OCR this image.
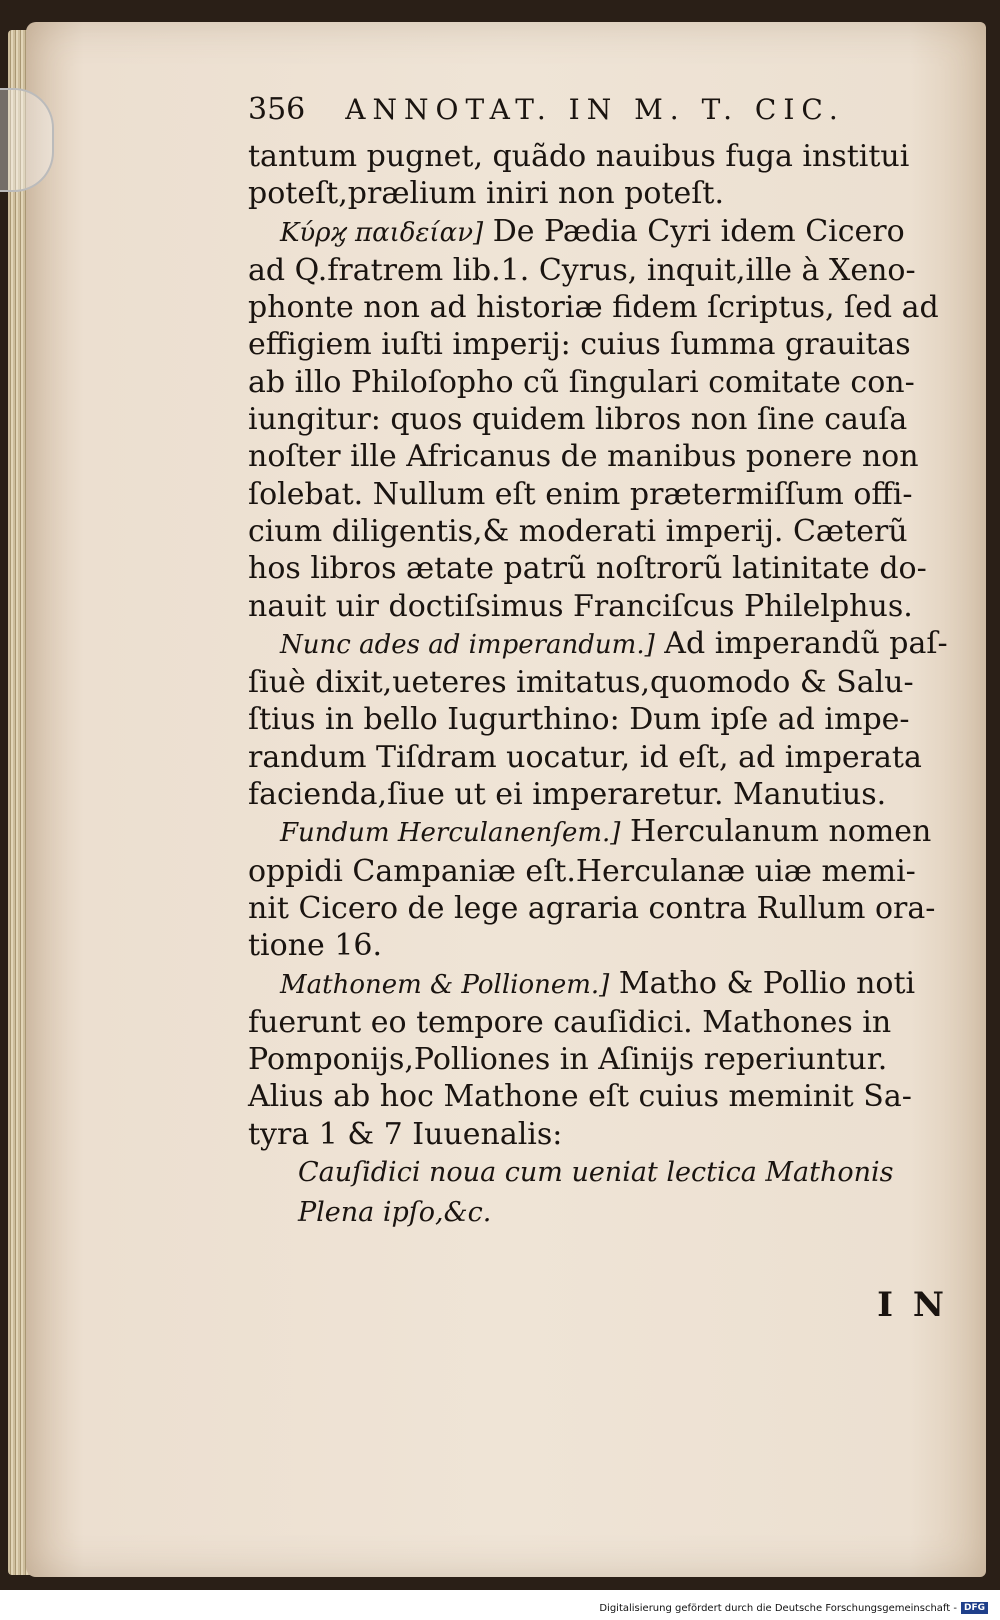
356 ANNOTAT. IN M. T. CIC.
tantum pugnet, quãdo nauibus fuga institui
poteſt,prælium iniri non poteſt.
Κύρϗ παιδείαν] De Pædia Cyri idem Cicero
ad Q.fratrem lib.1. Cyrus, inquit,ille à Xeno-
phonte non ad historiæ fidem ſcriptus, ſed ad
effigiem iuſti imperij: cuius ſumma grauitas
ab illo Philoſopho cũ ſingulari comitate con-
iungitur: quos quidem libros non ſine cauſa
noſter ille Africanus de manibus ponere non
ſolebat. Nullum eſt enim prætermiſſum offi-
cium diligentis,& moderati imperij. Cæterũ
hos libros ætate patrũ noſtrorũ latinitate do-
nauit uir doctiſsimus Franciſcus Philelphus.
Nunc ades ad imperandum.] Ad imperandũ paſ-
ſiuè dixit,ueteres imitatus,quomodo & Salu-
ſtius in bello Iugurthino: Dum ipſe ad impe-
randum Tiſdram uocatur, id eſt, ad imperata
facienda,ſiue ut ei imperaretur. Manutius.
Fundum Herculanenſem.] Herculanum nomen
oppidi Campaniæ eſt.Herculanæ uiæ memi-
nit Cicero de lege agraria contra Rullum ora-
tione 16.
Mathonem & Pollionem.] Matho & Pollio noti
fuerunt eo tempore cauſidici. Mathones in
Pomponijs,Polliones in Aſinijs reperiuntur.
Alius ab hoc Mathone eſt cuius meminit Sa-
tyra 1 & 7 Iuuenalis:
Cauſidici noua cum ueniat lectica Mathonis
Plena ipſo,&c.
I N
Digitalisierung gefördert durch die Deutsche Forschungsgemeinschaft - DFG
